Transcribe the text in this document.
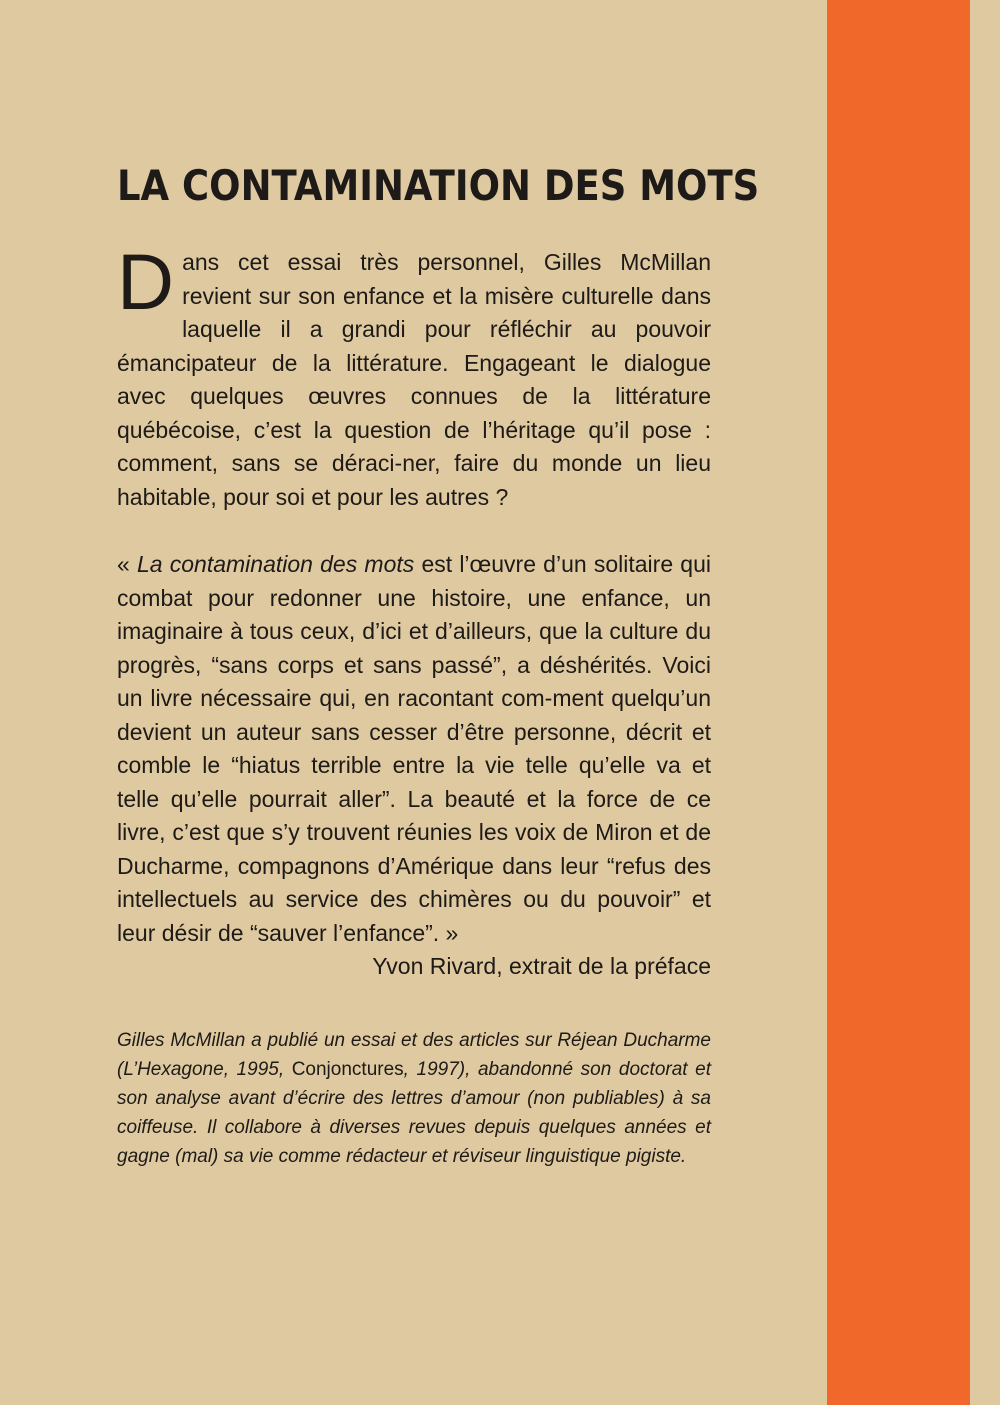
LA CONTAMINATION DES MOTS

Dans cet essai très personnel, Gilles McMillan revient sur son enfance et la misère culturelle dans laquelle il a grandi pour réfléchir au pouvoir émancipateur de la littérature. Engageant le dialogue avec quelques œuvres connues de la littérature québécoise, c’est la question de l’héritage qu’il pose : comment, sans se déraci-ner, faire du monde un lieu habitable, pour soi et pour les autres ?

« La contamination des mots est l’œuvre d’un solitaire qui combat pour redonner une histoire, une enfance, un imaginaire à tous ceux, d’ici et d’ailleurs, que la culture du progrès, “sans corps et sans passé”, a déshérités. Voici un livre nécessaire qui, en racontant com-ment quelqu’un devient un auteur sans cesser d’être personne, décrit et comble le “hiatus terrible entre la vie telle qu’elle va et telle qu’elle pourrait aller”. La beauté et la force de ce livre, c’est que s’y trouvent réunies les voix de Miron et de Ducharme, compagnons d’Amérique dans leur “refus des intellectuels au service des chimères ou du pouvoir” et leur désir de “sauver l’enfance”. »

Yvon Rivard, extrait de la préface

Gilles McMillan a publié un essai et des articles sur Réjean Ducharme (L’Hexagone, 1995, Conjonctures, 1997), abandonné son doctorat et son analyse avant d’écrire des lettres d’amour (non publiables) à sa coiffeuse. Il collabore à diverses revues depuis quelques années et gagne (mal) sa vie comme rédacteur et réviseur linguistique pigiste.
